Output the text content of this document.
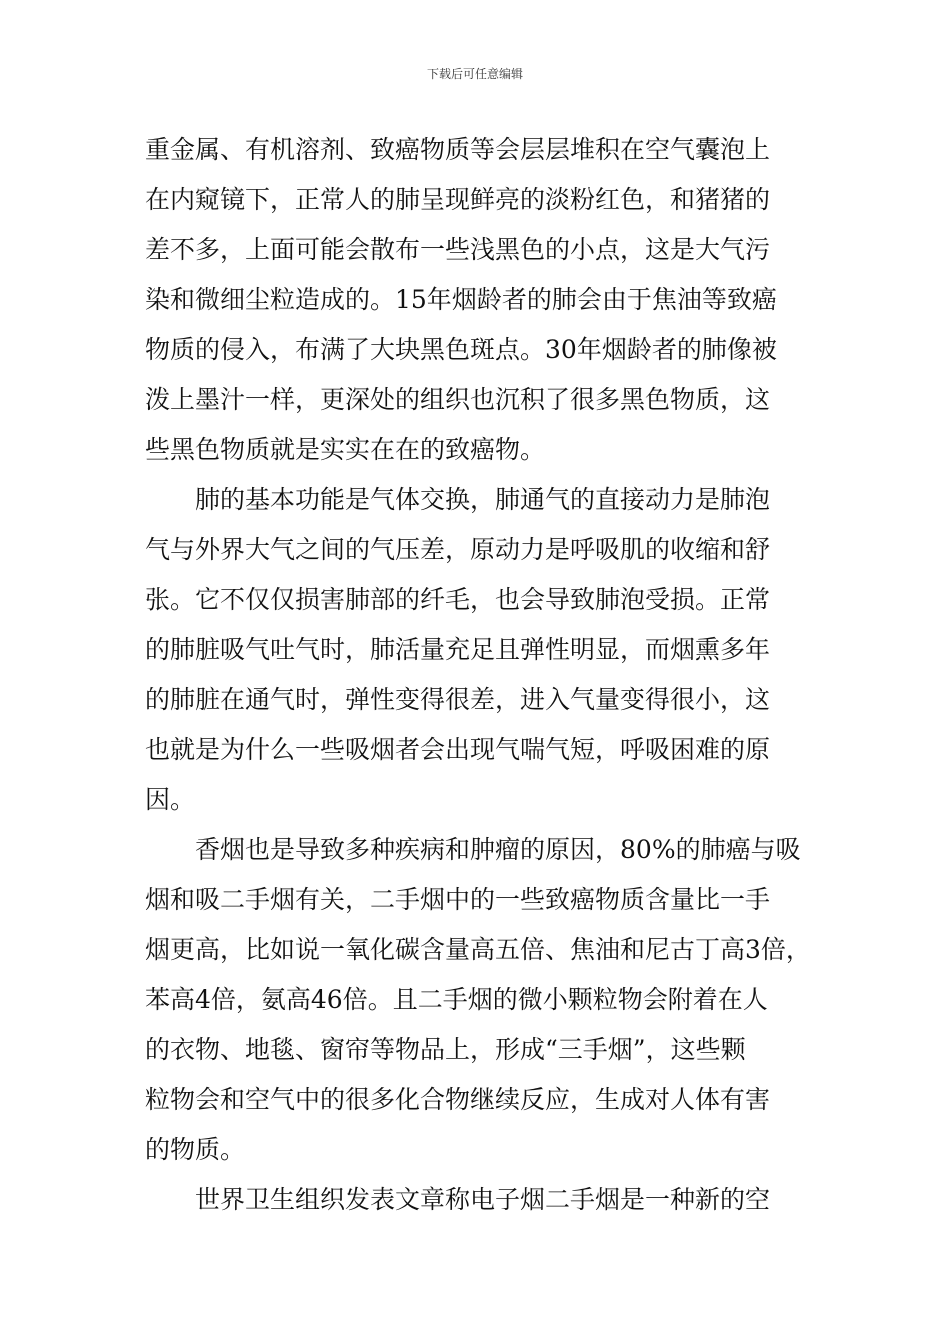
下载后可任意编辑
重金属、有机溶剂、致癌物质等会层层堆积在空气囊泡上
在内窥镜下，正常人的肺呈现鲜亮的淡粉红色，和猪猪的
差不多，上面可能会散布一些浅黑色的小点，这是大气污
染和微细尘粒造成的。15年烟龄者的肺会由于焦油等致癌
物质的侵入，布满了大块黑色斑点。30年烟龄者的肺像被
泼上墨汁一样，更深处的组织也沉积了很多黑色物质，这
些黑色物质就是实实在在的致癌物。
肺的基本功能是气体交换，肺通气的直接动力是肺泡
气与外界大气之间的气压差，原动力是呼吸肌的收缩和舒
张。它不仅仅损害肺部的纤毛，也会导致肺泡受损。正常
的肺脏吸气吐气时，肺活量充足且弹性明显，而烟熏多年
的肺脏在通气时，弹性变得很差，进入气量变得很小，这
也就是为什么一些吸烟者会出现气喘气短，呼吸困难的原
因。
香烟也是导致多种疾病和肿瘤的原因，80%的肺癌与吸
烟和吸二手烟有关，二手烟中的一些致癌物质含量比一手
烟更高，比如说一氧化碳含量高五倍、焦油和尼古丁高3倍，
苯高4倍，氨高46倍。且二手烟的微小颗粒物会附着在人
的衣物、地毯、窗帘等物品上，形成“三手烟”，这些颗
粒物会和空气中的很多化合物继续反应，生成对人体有害
的物质。
世界卫生组织发表文章称电子烟二手烟是一种新的空
